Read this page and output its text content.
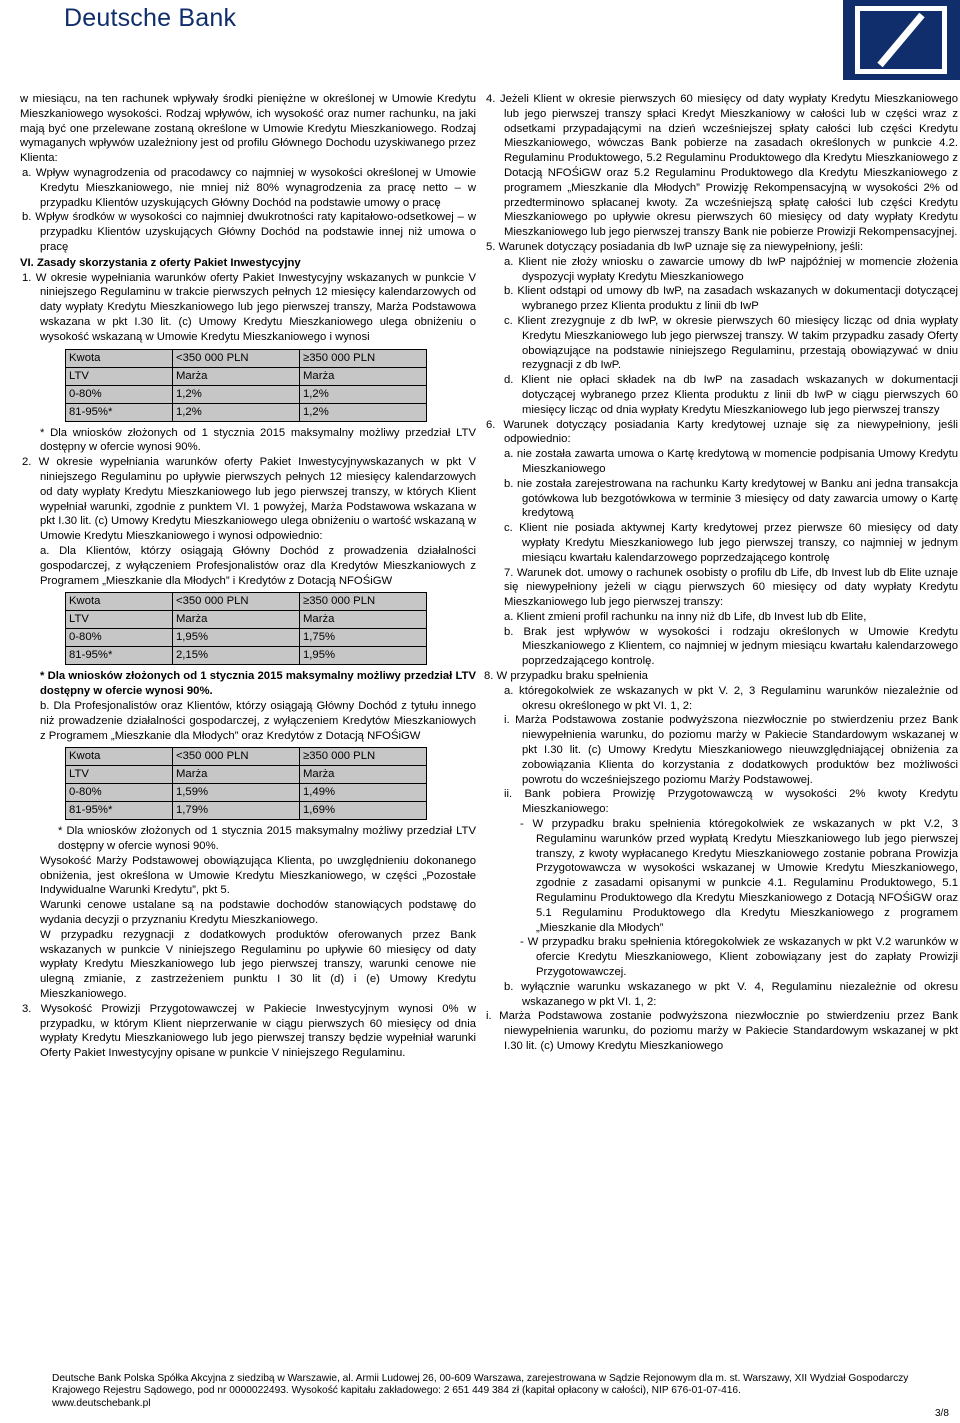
Deutsche Bank

w miesiącu, na ten rachunek wpływały środki pieniężne w określonej w Umowie Kredytu Mieszkaniowego wysokości. Rodzaj wpływów, ich wysokość oraz numer rachunku, na jaki mają być one przelewane zostaną określone w Umowie Kredytu Mieszkaniowego. Rodzaj wymaganych wpływów uzależniony jest od profilu Głównego Dochodu uzyskiwanego przez Klienta:

a. Wpływ wynagrodzenia od pracodawcy co najmniej w wysokości określonej w Umowie Kredytu Mieszkaniowego, nie mniej niż 80% wynagrodzenia za pracę netto – w przypadku Klientów uzyskujących Główny Dochód na podstawie umowy o pracę

b. Wpływ środków w wysokości co najmniej dwukrotności raty kapitałowo-odsetkowej – w przypadku Klientów uzyskujących Główny Dochód na podstawie innej niż umowa o pracę

VI. Zasady skorzystania z oferty Pakiet Inwestycyjny

1. W okresie wypełniania warunków oferty Pakiet Inwestycyjny wskazanych w punkcie V niniejszego Regulaminu w trakcie pierwszych pełnych 12 miesięcy kalendarzowych od daty wypłaty Kredytu Mieszkaniowego lub jego pierwszej transzy, Marża Podstawowa wskazana w pkt I.30 lit. (c) Umowy Kredytu Mieszkaniowego ulega obniżeniu o wysokość wskazaną w Umowie Kredytu Mieszkaniowego i wynosi

Kwota	<350 000 PLN	≥350 000 PLN
LTV	Marża	Marża
0-80%	1,2%	1,2%
81-95%*	1,2%	1,2%

* Dla wniosków złożonych od 1 stycznia 2015 maksymalny możliwy przedział LTV dostępny w ofercie wynosi 90%.

2. W okresie wypełniania warunków oferty Pakiet Inwestycyjnywskazanych w pkt V niniejszego Regulaminu po upływie pierwszych pełnych 12 miesięcy kalendarzowych od daty wypłaty Kredytu Mieszkaniowego lub jego pierwszej transzy, w których Klient wypełniał warunki, zgodnie z punktem VI. 1 powyżej, Marża Podstawowa wskazana w pkt I.30 lit. (c) Umowy Kredytu Mieszkaniowego ulega obniżeniu o wartość wskazaną w Umowie Kredytu Mieszkaniowego i wynosi odpowiednio:

a. Dla Klientów, którzy osiągają Główny Dochód z prowadzenia działalności gospodarczej, z wyłączeniem Profesjonalistów oraz dla Kredytów Mieszkaniowych z Programem „Mieszkanie dla Młodych” i Kredytów z Dotacją NFOŚiGW

Kwota	<350 000 PLN	≥350 000 PLN
LTV	Marża	Marża
0-80%	1,95%	1,75%
81-95%*	2,15%	1,95%

* Dla wniosków złożonych od 1 stycznia 2015 maksymalny możliwy przedział LTV dostępny w ofercie wynosi 90%.

b. Dla Profesjonalistów oraz Klientów, którzy osiągają Główny Dochód z tytułu innego niż prowadzenie działalności gospodarczej, z wyłączeniem Kredytów Mieszkaniowych z Programem „Mieszkanie dla Młodych” oraz Kredytów z Dotacją NFOŚiGW

Kwota	<350 000 PLN	≥350 000 PLN
LTV	Marża	Marża
0-80%	1,59%	1,49%
81-95%*	1,79%	1,69%

* Dla wniosków złożonych od 1 stycznia 2015 maksymalny możliwy przedział LTV dostępny w ofercie wynosi 90%.

Wysokość Marży Podstawowej obowiązująca Klienta, po uwzględnieniu dokonanego obniżenia, jest określona w Umowie Kredytu Mieszkaniowego, w części „Pozostałe Indywidualne Warunki Kredytu”, pkt 5.

Warunki cenowe ustalane są na podstawie dochodów stanowiących podstawę do wydania decyzji o przyznaniu Kredytu Mieszkaniowego.

W przypadku rezygnacji z dodatkowych produktów oferowanych przez Bank wskazanych w punkcie V niniejszego Regulaminu po upływie 60 miesięcy od daty wypłaty Kredytu Mieszkaniowego lub jego pierwszej transzy, warunki cenowe nie ulegną zmianie, z zastrzeżeniem punktu I 30 lit (d) i (e) Umowy Kredytu Mieszkaniowego.

3. Wysokość Prowizji Przygotowawczej w Pakiecie Inwestycyjnym wynosi 0% w przypadku, w którym Klient nieprzerwanie w ciągu pierwszych 60 miesięcy od dnia wypłaty Kredytu Mieszkaniowego lub jego pierwszej transzy będzie wypełniał warunki Oferty Pakiet Inwestycyjny opisane w punkcie V niniejszego Regulaminu.

4. Jeżeli Klient w okresie pierwszych 60 miesięcy od daty wypłaty Kredytu Mieszkaniowego lub jego pierwszej transzy spłaci Kredyt Mieszkaniowy w całości lub w części wraz z odsetkami przypadającymi na dzień wcześniejszej spłaty całości lub części Kredytu Mieszkaniowego, wówczas Bank pobierze na zasadach określonych w punkcie 4.2. Regulaminu Produktowego, 5.2 Regulaminu Produktowego dla Kredytu Mieszkaniowego z Dotacją NFOŚiGW oraz 5.2 Regulaminu Produktowego dla Kredytu Mieszkaniowego z programem „Mieszkanie dla Młodych” Prowizję Rekompensacyjną w wysokości 2% od przedterminowo spłacanej kwoty. Za wcześniejszą spłatę całości lub części Kredytu Mieszkaniowego po upływie okresu pierwszych 60 miesięcy od daty wypłaty Kredytu Mieszkaniowego lub jego pierwszej transzy Bank nie pobierze Prowizji Rekompensacyjnej.

5. Warunek dotyczący posiadania db IwP uznaje się za niewypełniony, jeśli:

a. Klient nie złoży wniosku o zawarcie umowy db IwP najpóźniej w momencie złożenia dyspozycji wypłaty Kredytu Mieszkaniowego

b. Klient odstąpi od umowy db IwP, na zasadach wskazanych w dokumentacji dotyczącej wybranego przez Klienta produktu z linii db IwP

c. Klient zrezygnuje z db IwP, w okresie pierwszych 60 miesięcy licząc od dnia wypłaty Kredytu Mieszkaniowego lub jego pierwszej transzy. W takim przypadku zasady Oferty obowiązujące na podstawie niniejszego Regulaminu, przestają obowiązywać w dniu rezygnacji z db IwP.

d. Klient nie opłaci składek na db IwP na zasadach wskazanych w dokumentacji dotyczącej wybranego przez Klienta produktu z linii db IwP w ciągu pierwszych 60 miesięcy licząc od dnia wypłaty Kredytu Mieszkaniowego lub jego pierwszej transzy

6. Warunek dotyczący posiadania Karty kredytowej uznaje się za niewypełniony, jeśli odpowiednio:

a. nie została zawarta umowa o Kartę kredytową w momencie podpisania Umowy Kredytu Mieszkaniowego

b. nie została zarejestrowana na rachunku Karty kredytowej w Banku ani jedna transakcja gotówkowa lub bezgotówkowa w terminie 3 miesięcy od daty zawarcia umowy o Kartę kredytową

c. Klient nie posiada aktywnej Karty kredytowej przez pierwsze 60 miesięcy od daty wypłaty Kredytu Mieszkaniowego lub jego pierwszej transzy, co najmniej w jednym miesiącu kwartału kalendarzowego poprzedzającego kontrolę

7. Warunek dot. umowy o rachunek osobisty o profilu db Life, db Invest lub db Elite uznaje się niewypełniony jeżeli w ciągu pierwszych 60 miesięcy od daty wypłaty Kredytu Mieszkaniowego lub jego pierwszej transzy:

a. Klient zmieni profil rachunku na inny niż db Life, db Invest lub db Elite,

b. Brak jest wpływów w wysokości i rodzaju określonych w Umowie Kredytu Mieszkaniowego z Klientem, co najmniej w jednym miesiącu kwartału kalendarzowego poprzedzającego kontrolę.

8. W przypadku braku spełnienia

a. któregokolwiek ze wskazanych w pkt V. 2, 3 Regulaminu warunków niezależnie od okresu określonego w pkt VI. 1, 2:

i. Marża Podstawowa zostanie podwyższona niezwłocznie po stwierdzeniu przez Bank niewypełnienia warunku, do poziomu marży w Pakiecie Standardowym wskazanej w pkt I.30 lit. (c) Umowy Kredytu Mieszkaniowego nieuwzględniającej obniżenia za zobowiązania Klienta do korzystania z dodatkowych produktów bez możliwości powrotu do wcześniejszego poziomu Marży Podstawowej.

ii. Bank pobiera Prowizję Przygotowawczą w wysokości 2% kwoty Kredytu Mieszkaniowego:

- W przypadku braku spełnienia któregokolwiek ze wskazanych w pkt V.2, 3 Regulaminu warunków przed wypłatą Kredytu Mieszkaniowego lub jego pierwszej transzy, z kwoty wypłacanego Kredytu Mieszkaniowego zostanie pobrana Prowizja Przygotowawcza w wysokości wskazanej w Umowie Kredytu Mieszkaniowego, zgodnie z zasadami opisanymi w punkcie 4.1. Regulaminu Produktowego, 5.1 Regulaminu Produktowego dla Kredytu Mieszkaniowego z Dotacją NFOŚiGW oraz 5.1 Regulaminu Produktowego dla Kredytu Mieszkaniowego z programem „Mieszkanie dla Młodych”

- W przypadku braku spełnienia któregokolwiek ze wskazanych w pkt V.2 warunków w ofercie Kredytu Mieszkaniowego, Klient zobowiązany jest do zapłaty Prowizji Przygotowawczej.

b. wyłącznie warunku wskazanego w pkt V. 4, Regulaminu niezależnie od okresu wskazanego w pkt VI. 1, 2:

i. Marża Podstawowa zostanie podwyższona niezwłocznie po stwierdzeniu przez Bank niewypełnienia warunku, do poziomu marży w Pakiecie Standardowym wskazanej w pkt I.30 lit. (c) Umowy Kredytu Mieszkaniowego

Deutsche Bank Polska Spółka Akcyjna z siedzibą w Warszawie, al. Armii Ludowej 26, 00-609 Warszawa, zarejestrowana w Sądzie Rejonowym dla m. st. Warszawy, XII Wydział Gospodarczy
Krajowego Rejestru Sądowego, pod nr 0000022493. Wysokość kapitału zakładowego: 2 651 449 384 zł (kapitał opłacony w całości), NIP 676-01-07-416.
www.deutschebank.pl
3/8
